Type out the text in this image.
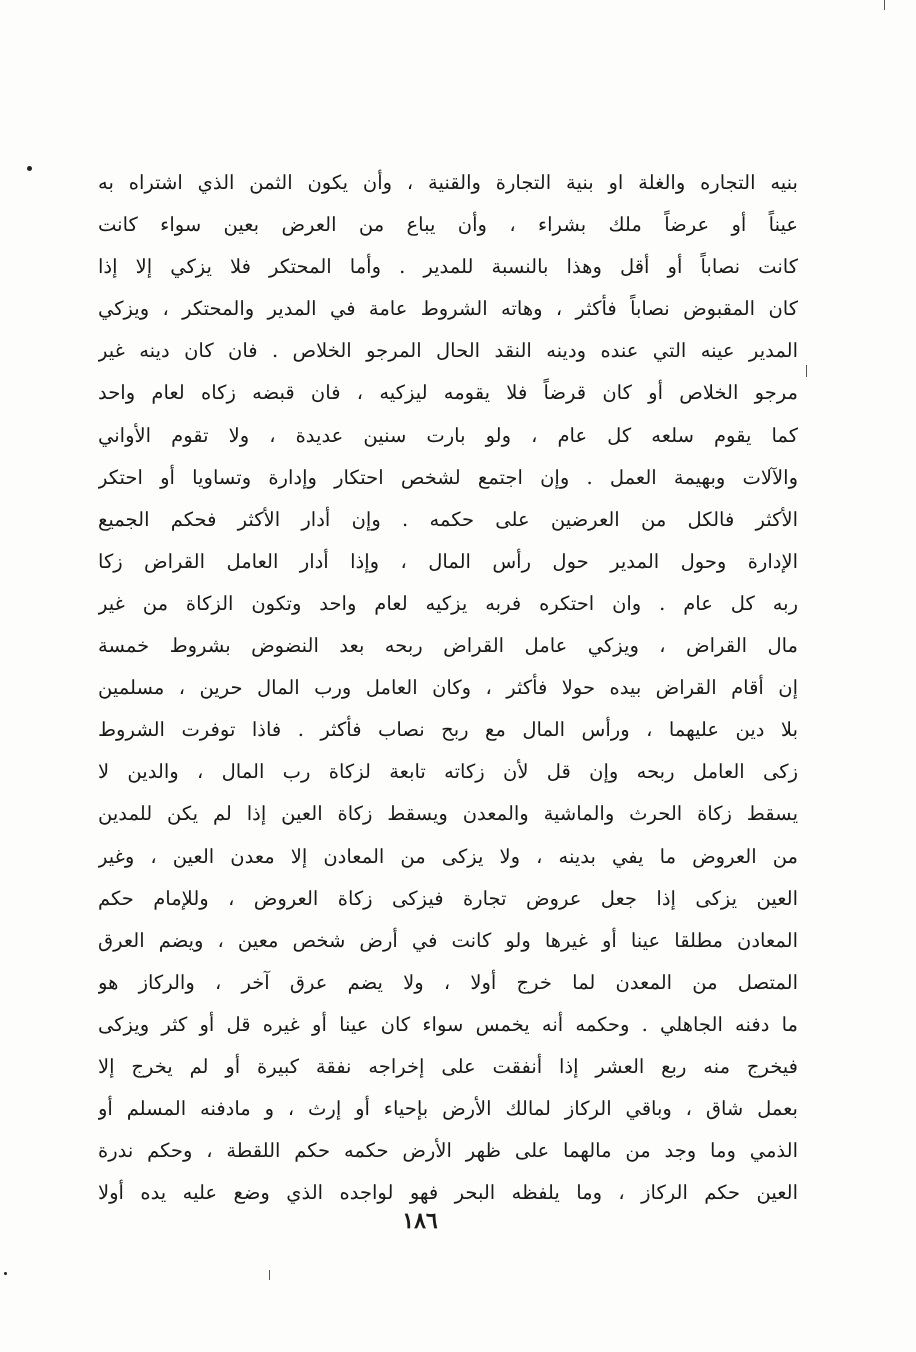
بنيه التجاره والغلة او بنية التجارة والقنية ، وأن يكون الثمن الذي اشتراه به
عيناً أو عرضاً ملك بشراء ، وأن يباع من العرض بعين سواء كانت
كانت نصاباً أو أقل وهذا بالنسبة للمدير . وأما المحتكر فلا يزكي إلا إذا
كان المقبوض نصاباً فأكثر ، وهاته الشروط عامة في المدير والمحتكر ، ويزكي
المدير عينه التي عنده ودينه النقد الحال المرجو الخلاص . فان كان دينه غير
مرجو الخلاص أو كان قرضاً فلا يقومه ليزكيه ، فان قبضه زكاه لعام واحد
كما يقوم سلعه كل عام ، ولو بارت سنين عديدة ، ولا تقوم الأواني
والآلات وبهيمة العمل . وإن اجتمع لشخص احتكار وإدارة وتساويا أو احتكر
الأكثر فالكل من العرضين على حكمه . وإن أدار الأكثر فحكم الجميع
الإدارة وحول المدير حول رأس المال ، وإذا أدار العامل القراض زكا
ربه كل عام . وان احتكره فربه يزكيه لعام واحد وتكون الزكاة من غير
مال القراض ، ويزكي عامل القراض ربحه بعد النضوض بشروط خمسة
إن أقام القراض بيده حولا فأكثر ، وكان العامل ورب المال حرين ، مسلمين
بلا دين عليهما ، ورأس المال مع ربح نصاب فأكثر . فاذا توفرت الشروط
زكى العامل ربحه وإن قل لأن زكاته تابعة لزكاة رب المال ، والدين لا
يسقط زكاة الحرث والماشية والمعدن ويسقط زكاة العين إذا لم يكن للمدين
من العروض ما يفي بدينه ، ولا يزكى من المعادن إلا معدن العين ، وغير
العين يزكى إذا جعل عروض تجارة فيزكى زكاة العروض ، وللإمام حكم
المعادن مطلقا عينا أو غيرها ولو كانت في أرض شخص معين ، ويضم العرق
المتصل من المعدن لما خرج أولا ، ولا يضم عرق آخر ، والركاز هو
ما دفنه الجاهلي . وحكمه أنه يخمس سواء كان عينا أو غيره قل أو كثر ويزكى
فيخرج منه ربع العشر إذا أنفقت على إخراجه نفقة كبيرة أو لم يخرج إلا
بعمل شاق ، وباقي الركاز لمالك الأرض بإحياء أو إرث ، و مادفنه المسلم أو
الذمي وما وجد من مالهما على ظهر الأرض حكمه حكم اللقطة ، وحكم ندرة
العين حكم الركاز ، وما يلفظه البحر فهو لواجده الذي وضع عليه يده أولا
١٨٦
